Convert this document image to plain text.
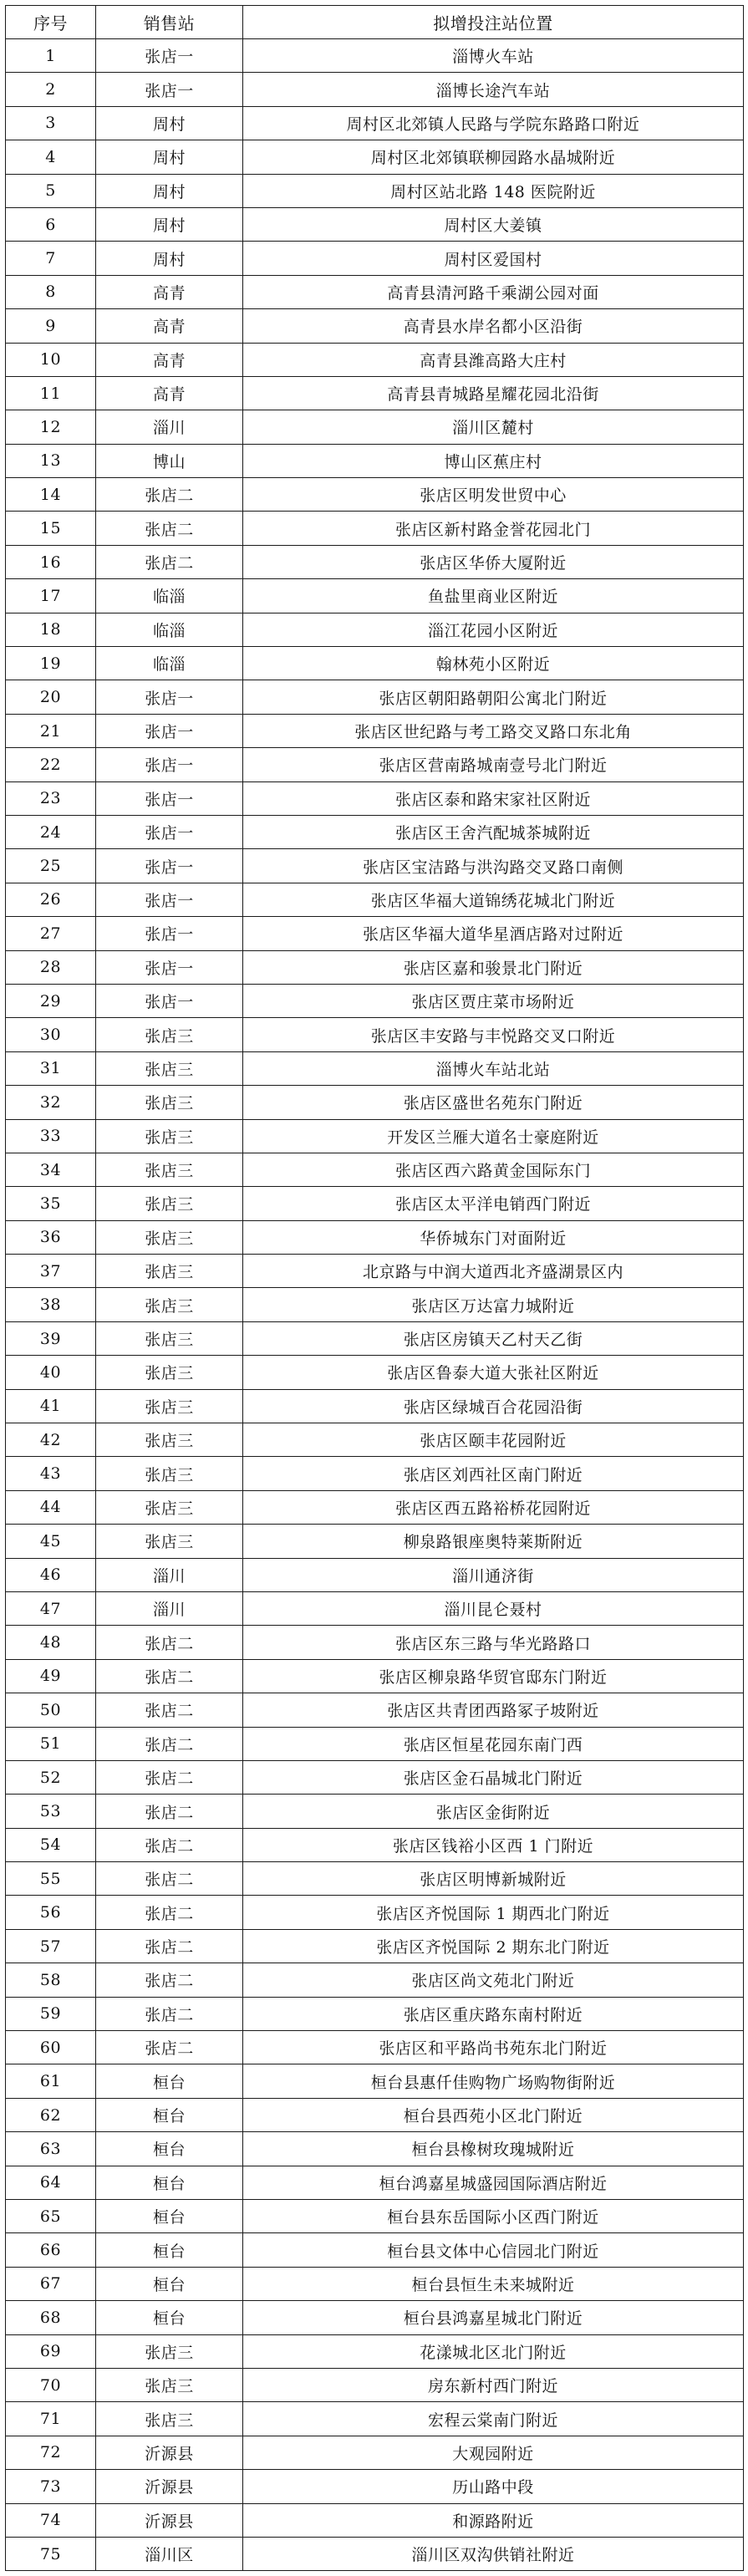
序号	销售站	拟增投注站位置
1	张店一	淄博火车站
2	张店一	淄博长途汽车站
3	周村	周村区北郊镇人民路与学院东路路口附近
4	周村	周村区北郊镇联柳园路水晶城附近
5	周村	周村区站北路 148 医院附近
6	周村	周村区大姜镇
7	周村	周村区爱国村
8	高青	高青县清河路千乘湖公园对面
9	高青	高青县水岸名都小区沿街
10	高青	高青县潍高路大庄村
11	高青	高青县青城路星耀花园北沿街
12	淄川	淄川区麓村
13	博山	博山区蕉庄村
14	张店二	张店区明发世贸中心
15	张店二	张店区新村路金誉花园北门
16	张店二	张店区华侨大厦附近
17	临淄	鱼盐里商业区附近
18	临淄	淄江花园小区附近
19	临淄	翰林苑小区附近
20	张店一	张店区朝阳路朝阳公寓北门附近
21	张店一	张店区世纪路与考工路交叉路口东北角
22	张店一	张店区营南路城南壹号北门附近
23	张店一	张店区泰和路宋家社区附近
24	张店一	张店区王舍汽配城茶城附近
25	张店一	张店区宝洁路与洪沟路交叉路口南侧
26	张店一	张店区华福大道锦绣花城北门附近
27	张店一	张店区华福大道华星酒店路对过附近
28	张店一	张店区嘉和骏景北门附近
29	张店一	张店区贾庄菜市场附近
30	张店三	张店区丰安路与丰悦路交叉口附近
31	张店三	淄博火车站北站
32	张店三	张店区盛世名苑东门附近
33	张店三	开发区兰雁大道名士豪庭附近
34	张店三	张店区西六路黄金国际东门
35	张店三	张店区太平洋电销西门附近
36	张店三	华侨城东门对面附近
37	张店三	北京路与中润大道西北齐盛湖景区内
38	张店三	张店区万达富力城附近
39	张店三	张店区房镇天乙村天乙街
40	张店三	张店区鲁泰大道大张社区附近
41	张店三	张店区绿城百合花园沿街
42	张店三	张店区颐丰花园附近
43	张店三	张店区刘西社区南门附近
44	张店三	张店区西五路裕桥花园附近
45	张店三	柳泉路银座奥特莱斯附近
46	淄川	淄川通济街
47	淄川	淄川昆仑聂村
48	张店二	张店区东三路与华光路路口
49	张店二	张店区柳泉路华贸官邸东门附近
50	张店二	张店区共青团西路冢子坡附近
51	张店二	张店区恒星花园东南门西
52	张店二	张店区金石晶城北门附近
53	张店二	张店区金街附近
54	张店二	张店区钱裕小区西 1 门附近
55	张店二	张店区明博新城附近
56	张店二	张店区齐悦国际 1 期西北门附近
57	张店二	张店区齐悦国际 2 期东北门附近
58	张店二	张店区尚文苑北门附近
59	张店二	张店区重庆路东南村附近
60	张店二	张店区和平路尚书苑东北门附近
61	桓台	桓台县惠仟佳购物广场购物街附近
62	桓台	桓台县西苑小区北门附近
63	桓台	桓台县橡树玫瑰城附近
64	桓台	桓台鸿嘉星城盛园国际酒店附近
65	桓台	桓台县东岳国际小区西门附近
66	桓台	桓台县文体中心信园北门附近
67	桓台	桓台县恒生未来城附近
68	桓台	桓台县鸿嘉星城北门附近
69	张店三	花漾城北区北门附近
70	张店三	房东新村西门附近
71	张店三	宏程云棠南门附近
72	沂源县	大观园附近
73	沂源县	历山路中段
74	沂源县	和源路附近
75	淄川区	淄川区双沟供销社附近
